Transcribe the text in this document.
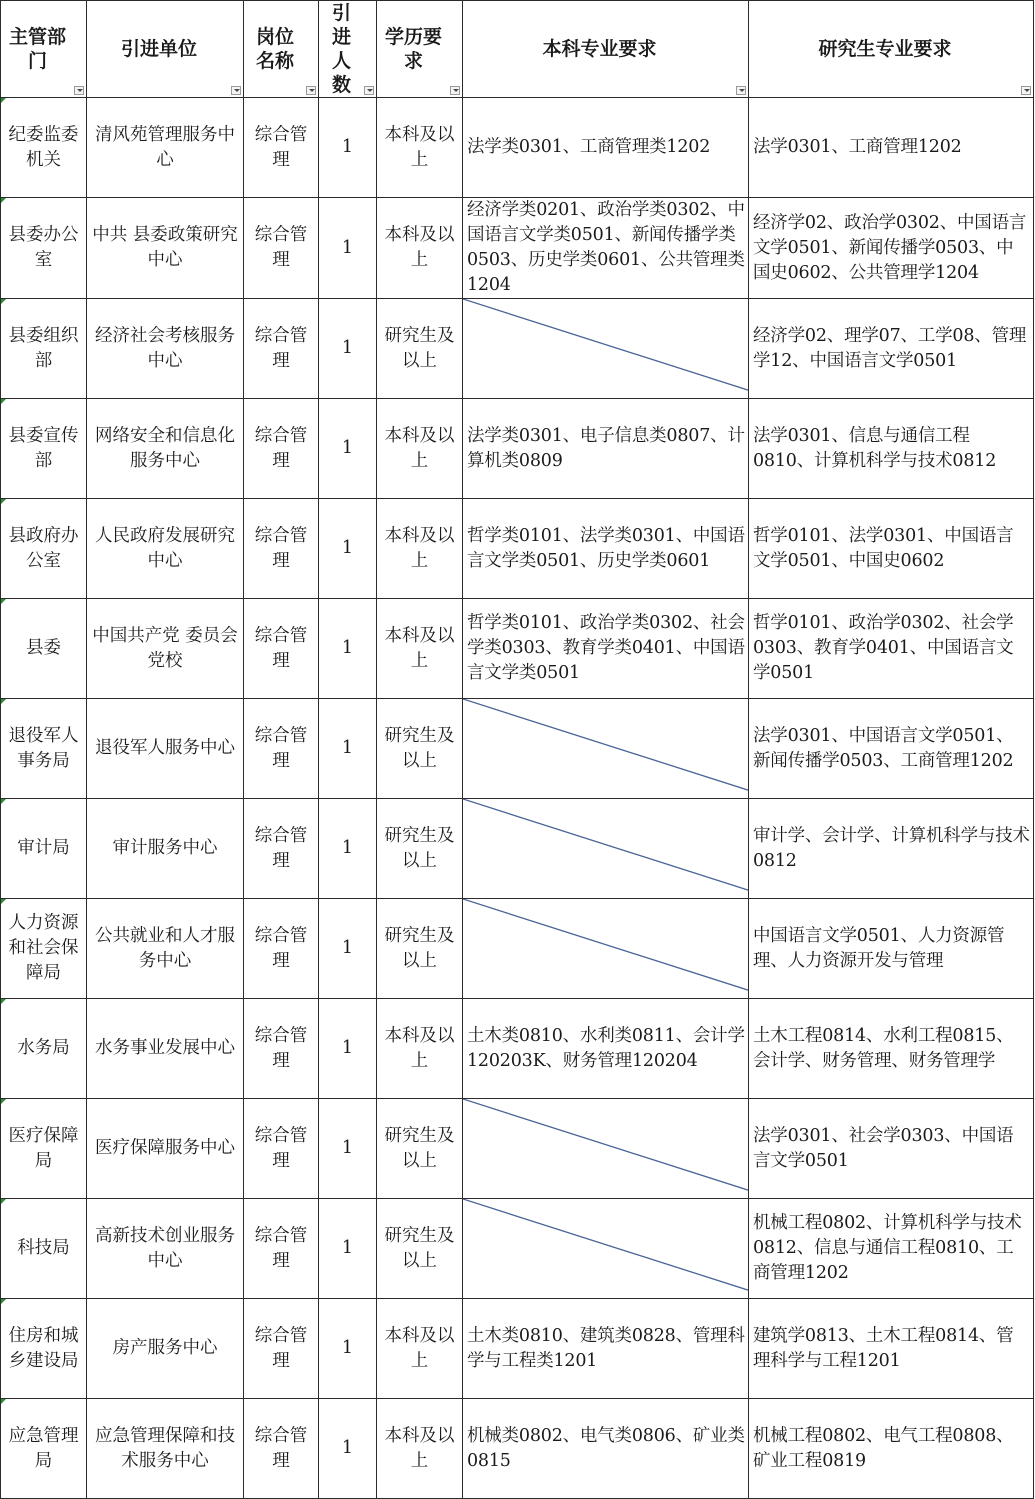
主管部门	引进单位	岗位名称	引进人数	学历要求	本科专业要求	研究生专业要求

纪委监委机关	清风苑管理服务中心	综合管理	1	本科及以上	法学类0301、工商管理类1202	法学0301、工商管理1202
县委办公室	中共 县委政策研究中心	综合管理	1	本科及以上	经济学类0201、政治学类0302、中国语言文学类0501、新闻传播学类0503、历史学类0601、公共管理类1204	经济学02、政治学0302、中国语言文学0501、新闻传播学0503、中国史0602、公共管理学1204
县委组织部	经济社会考核服务中心	综合管理	1	研究生及以上		经济学02、理学07、工学08、管理学12、中国语言文学0501
县委宣传部	网络安全和信息化服务中心	综合管理	1	本科及以上	法学类0301、电子信息类0807、计算机类0809	法学0301、信息与通信工程0810、计算机科学与技术0812
县政府办公室	人民政府发展研究中心	综合管理	1	本科及以上	哲学类0101、法学类0301、中国语言文学类0501、历史学类0601	哲学0101、法学0301、中国语言文学0501、中国史0602
县委	中国共产党 委员会党校	综合管理	1	本科及以上	哲学类0101、政治学类0302、社会学类0303、教育学类0401、中国语言文学类0501	哲学0101、政治学0302、社会学0303、教育学0401、中国语言文学0501
退役军人事务局	退役军人服务中心	综合管理	1	研究生及以上		法学0301、中国语言文学0501、新闻传播学0503、工商管理1202
审计局	审计服务中心	综合管理	1	研究生及以上		审计学、会计学、计算机科学与技术0812
人力资源和社会保障局	公共就业和人才服务中心	综合管理	1	研究生及以上		中国语言文学0501、人力资源管理、人力资源开发与管理
水务局	水务事业发展中心	综合管理	1	本科及以上	土木类0810、水利类0811、会计学120203K、财务管理120204	土木工程0814、水利工程0815、会计学、财务管理、财务管理学
医疗保障局	医疗保障服务中心	综合管理	1	研究生及以上		法学0301、社会学0303、中国语言文学0501
科技局	高新技术创业服务中心	综合管理	1	研究生及以上		机械工程0802、计算机科学与技术0812、信息与通信工程0810、工商管理1202
住房和城乡建设局	房产服务中心	综合管理	1	本科及以上	土木类0810、建筑类0828、管理科学与工程类1201	建筑学0813、土木工程0814、管理科学与工程1201
应急管理局	应急管理保障和技术服务中心	综合管理	1	本科及以上	机械类0802、电气类0806、矿业类0815	机械工程0802、电气工程0808、矿业工程0819
